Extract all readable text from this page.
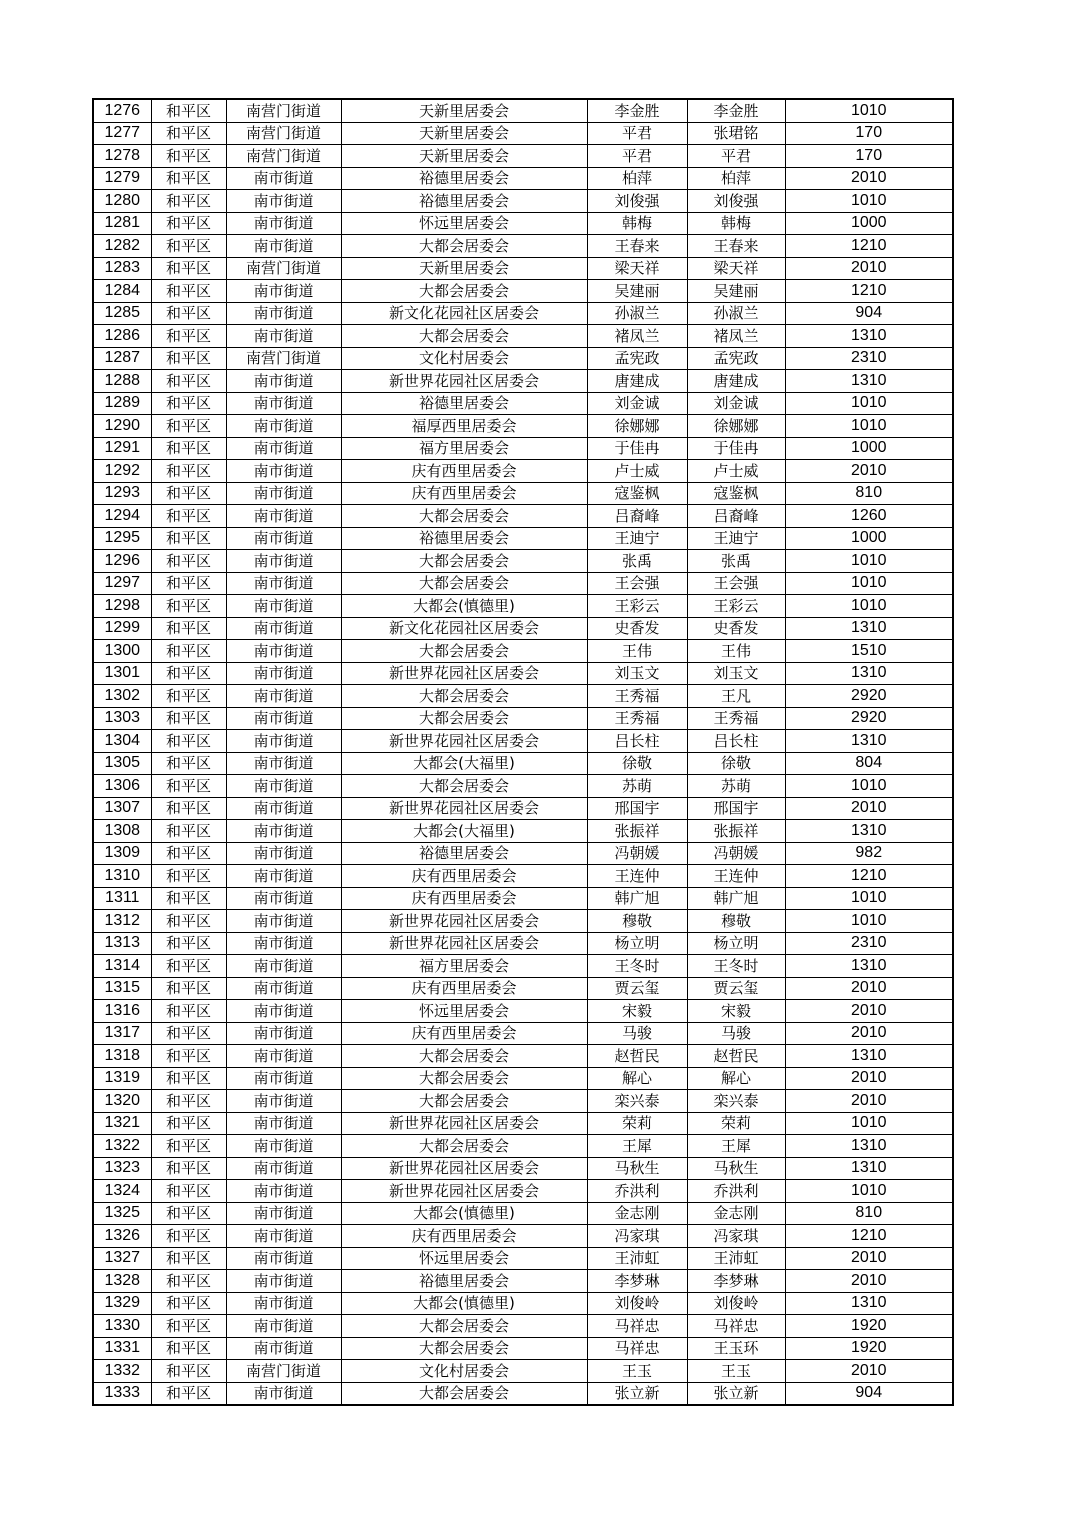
1276	和平区	南营门街道	天新里居委会	李金胜	李金胜	1010
1277	和平区	南营门街道	天新里居委会	平君	张珺铭	170
1278	和平区	南营门街道	天新里居委会	平君	平君	170
1279	和平区	南市街道	裕德里居委会	柏萍	柏萍	2010
1280	和平区	南市街道	裕德里居委会	刘俊强	刘俊强	1010
1281	和平区	南市街道	怀远里居委会	韩梅	韩梅	1000
1282	和平区	南市街道	大都会居委会	王春来	王春来	1210
1283	和平区	南营门街道	天新里居委会	梁天祥	梁天祥	2010
1284	和平区	南市街道	大都会居委会	吴建丽	吴建丽	1210
1285	和平区	南市街道	新文化花园社区居委会	孙淑兰	孙淑兰	904
1286	和平区	南市街道	大都会居委会	褚凤兰	褚凤兰	1310
1287	和平区	南营门街道	文化村居委会	孟宪政	孟宪政	2310
1288	和平区	南市街道	新世界花园社区居委会	唐建成	唐建成	1310
1289	和平区	南市街道	裕德里居委会	刘金诚	刘金诚	1010
1290	和平区	南市街道	福厚西里居委会	徐娜娜	徐娜娜	1010
1291	和平区	南市街道	福方里居委会	于佳冉	于佳冉	1000
1292	和平区	南市街道	庆有西里居委会	卢士威	卢士威	2010
1293	和平区	南市街道	庆有西里居委会	寇鉴枫	寇鉴枫	810
1294	和平区	南市街道	大都会居委会	吕裔峰	吕裔峰	1260
1295	和平区	南市街道	裕德里居委会	王迪宁	王迪宁	1000
1296	和平区	南市街道	大都会居委会	张禹	张禹	1010
1297	和平区	南市街道	大都会居委会	王会强	王会强	1010
1298	和平区	南市街道	大都会(慎德里)	王彩云	王彩云	1010
1299	和平区	南市街道	新文化花园社区居委会	史香发	史香发	1310
1300	和平区	南市街道	大都会居委会	王伟	王伟	1510
1301	和平区	南市街道	新世界花园社区居委会	刘玉文	刘玉文	1310
1302	和平区	南市街道	大都会居委会	王秀福	王凡	2920
1303	和平区	南市街道	大都会居委会	王秀福	王秀福	2920
1304	和平区	南市街道	新世界花园社区居委会	吕长柱	吕长柱	1310
1305	和平区	南市街道	大都会(大福里)	徐敬	徐敬	804
1306	和平区	南市街道	大都会居委会	苏萌	苏萌	1010
1307	和平区	南市街道	新世界花园社区居委会	邢国宇	邢国宇	2010
1308	和平区	南市街道	大都会(大福里)	张振祥	张振祥	1310
1309	和平区	南市街道	裕德里居委会	冯朝媛	冯朝媛	982
1310	和平区	南市街道	庆有西里居委会	王连仲	王连仲	1210
1311	和平区	南市街道	庆有西里居委会	韩广旭	韩广旭	1010
1312	和平区	南市街道	新世界花园社区居委会	穆敬	穆敬	1010
1313	和平区	南市街道	新世界花园社区居委会	杨立明	杨立明	2310
1314	和平区	南市街道	福方里居委会	王冬时	王冬时	1310
1315	和平区	南市街道	庆有西里居委会	贾云玺	贾云玺	2010
1316	和平区	南市街道	怀远里居委会	宋毅	宋毅	2010
1317	和平区	南市街道	庆有西里居委会	马骏	马骏	2010
1318	和平区	南市街道	大都会居委会	赵哲民	赵哲民	1310
1319	和平区	南市街道	大都会居委会	解心	解心	2010
1320	和平区	南市街道	大都会居委会	栾兴泰	栾兴泰	2010
1321	和平区	南市街道	新世界花园社区居委会	荣莉	荣莉	1010
1322	和平区	南市街道	大都会居委会	王犀	王犀	1310
1323	和平区	南市街道	新世界花园社区居委会	马秋生	马秋生	1310
1324	和平区	南市街道	新世界花园社区居委会	乔洪利	乔洪利	1010
1325	和平区	南市街道	大都会(慎德里)	金志刚	金志刚	810
1326	和平区	南市街道	庆有西里居委会	冯家琪	冯家琪	1210
1327	和平区	南市街道	怀远里居委会	王沛虹	王沛虹	2010
1328	和平区	南市街道	裕德里居委会	李梦琳	李梦琳	2010
1329	和平区	南市街道	大都会(慎德里)	刘俊岭	刘俊岭	1310
1330	和平区	南市街道	大都会居委会	马祥忠	马祥忠	1920
1331	和平区	南市街道	大都会居委会	马祥忠	王玉环	1920
1332	和平区	南营门街道	文化村居委会	王玉	王玉	2010
1333	和平区	南市街道	大都会居委会	张立新	张立新	904
